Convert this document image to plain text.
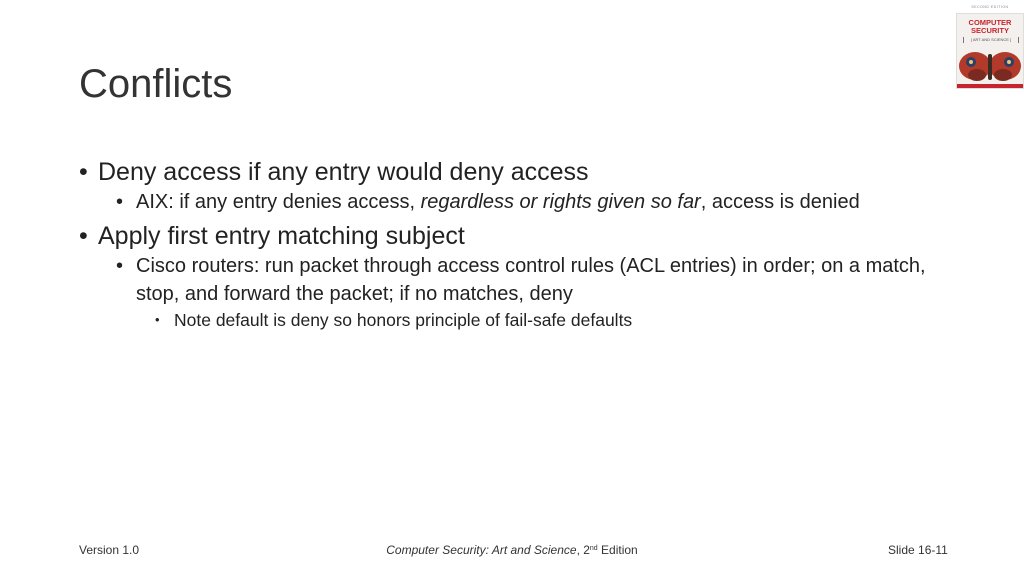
Conflicts
SECOND EDITION
COMPUTER
SECURITY
[ ART AND SCIENCE ]

• Deny access if any entry would deny access

• AIX: if any entry denies access, regardless or rights given so far, access is denied

• Apply first entry matching subject

• Cisco routers: run packet through access control rules (ACL entries) in order; on a match, stop, and forward the packet; if no matches, deny

• Note default is deny so honors principle of fail-safe defaults

Version 1.0	Computer Security: Art and Science, 2nd Edition	Slide 16-11
